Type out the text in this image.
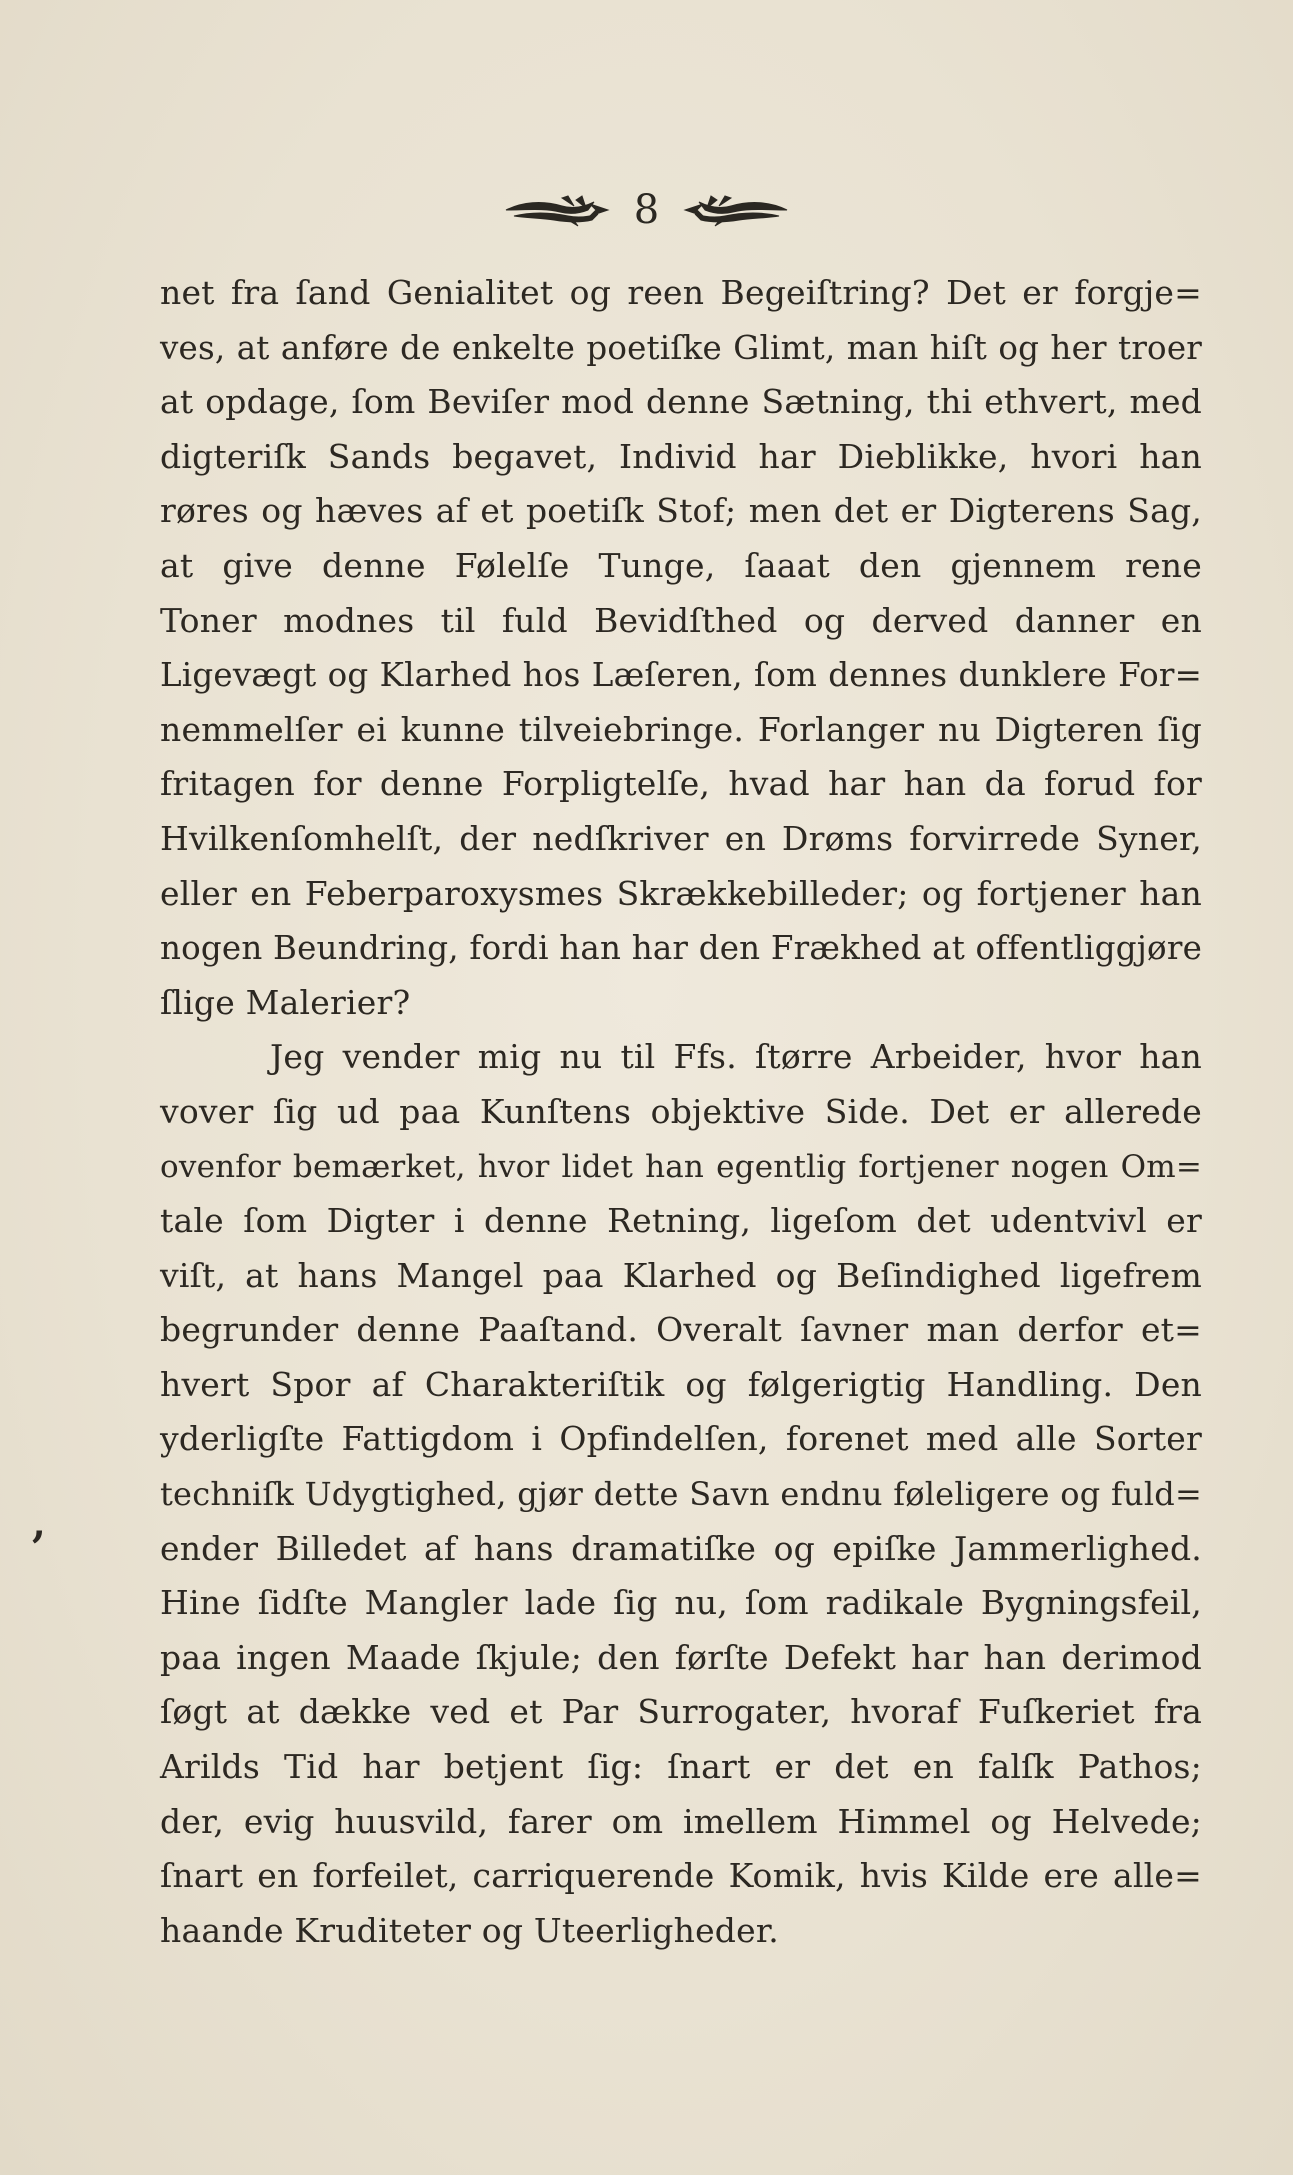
8
net fra ſand Genialitet og reen Begeiſtring? Det er forgje=
ves, at anføre de enkelte poetiſke Glimt, man hiſt og her troer
at opdage, ſom Beviſer mod denne Sætning, thi ethvert, med
digteriſk Sands begavet, Individ har Dieblikke, hvori han
røres og hæves af et poetiſk Stof; men det er Digterens Sag,
at give denne Følelſe Tunge, ſaaat den gjennem rene
Toner modnes til fuld Bevidſthed og derved danner en
Ligevægt og Klarhed hos Læſeren, ſom dennes dunklere For=
nemmelſer ei kunne tilveiebringe. Forlanger nu Digteren ſig
fritagen for denne Forpligtelſe, hvad har han da forud for
Hvilkenſomhelſt, der nedſkriver en Drøms forvirrede Syner,
eller en Feberparoxysmes Skrækkebilleder; og fortjener han
nogen Beundring, fordi han har den Frækhed at offentliggjøre
ſlige Malerier?
Jeg vender mig nu til Ffs. ſtørre Arbeider, hvor han
vover ſig ud paa Kunſtens objektive Side. Det er allerede
ovenfor bemærket, hvor lidet han egentlig fortjener nogen Om=
tale ſom Digter i denne Retning, ligeſom det udentvivl er
viſt, at hans Mangel paa Klarhed og Beſindighed ligefrem
begrunder denne Paaſtand. Overalt ſavner man derfor et=
hvert Spor af Charakteriſtik og følgerigtig Handling. Den
yderligſte Fattigdom i Opfindelſen, forenet med alle Sorter
techniſk Udygtighed, gjør dette Savn endnu føleligere og fuld=
ender Billedet af hans dramatiſke og epiſke Jammerlighed.
Hine ſidſte Mangler lade ſig nu, ſom radikale Bygningsfeil,
paa ingen Maade ſkjule; den førſte Defekt har han derimod
ſøgt at dække ved et Par Surrogater, hvoraf Fuſkeriet fra
Arilds Tid har betjent ſig: ſnart er det en falſk Pathos;
der, evig huusvild, farer om imellem Himmel og Helvede;
ſnart en forfeilet, carriquerende Komik, hvis Kilde ere alle=
haande Kruditeter og Uteerligheder.
,
